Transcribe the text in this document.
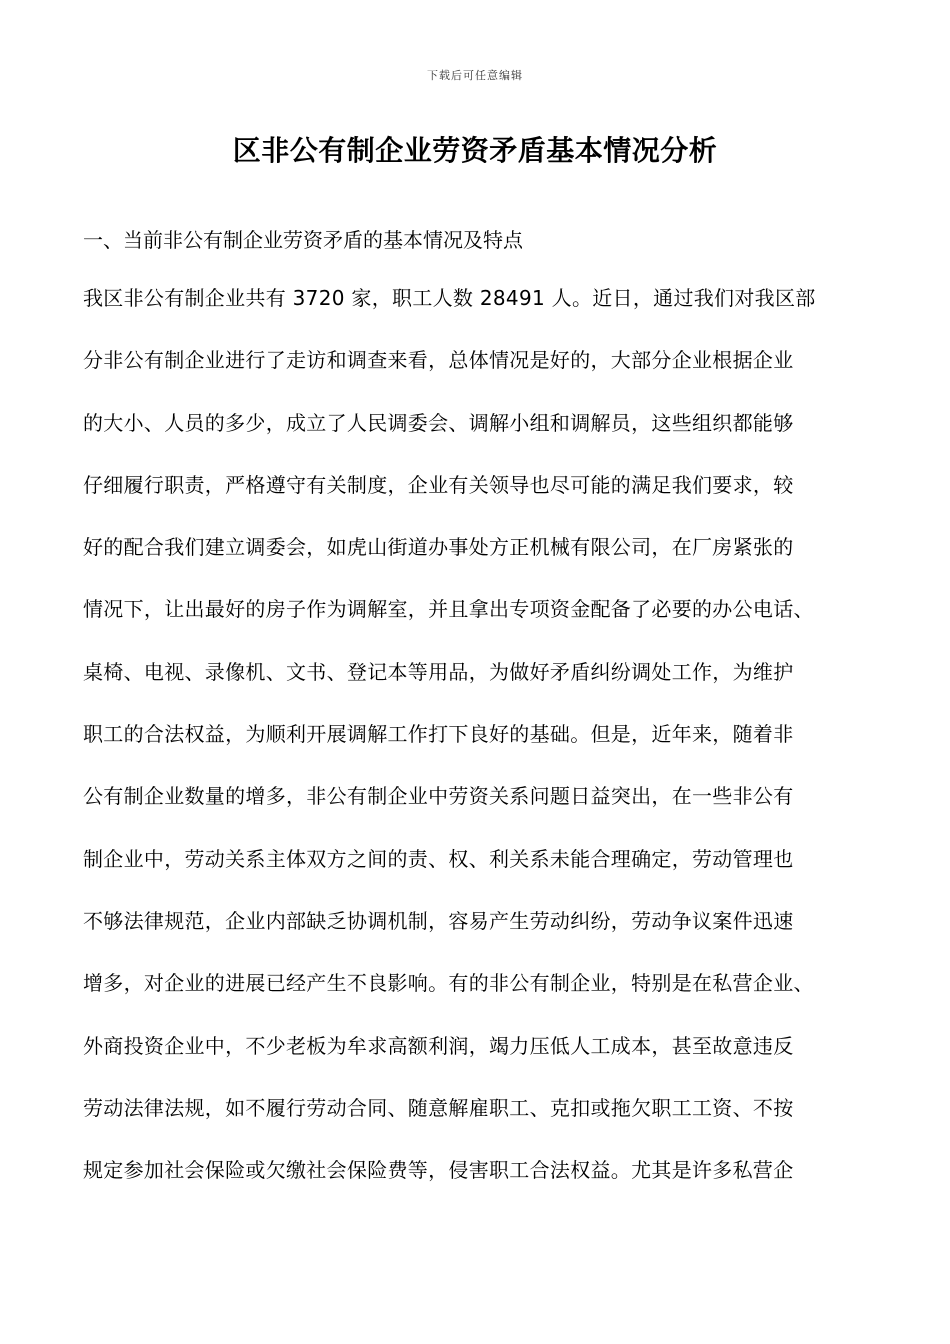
下载后可任意编辑
区非公有制企业劳资矛盾基本情况分析
一、当前非公有制企业劳资矛盾的基本情况及特点
我区非公有制企业共有 3720 家，职工人数 28491 人。近日，通过我们对我区部
分非公有制企业进行了走访和调查来看，总体情况是好的，大部分企业根据企业
的大小、人员的多少，成立了人民调委会、调解小组和调解员，这些组织都能够
仔细履行职责，严格遵守有关制度，企业有关领导也尽可能的满足我们要求，较
好的配合我们建立调委会，如虎山街道办事处方正机械有限公司，在厂房紧张的
情况下，让出最好的房子作为调解室，并且拿出专项资金配备了必要的办公电话、
桌椅、电视、录像机、文书、登记本等用品，为做好矛盾纠纷调处工作，为维护
职工的合法权益，为顺利开展调解工作打下良好的基础。但是，近年来，随着非
公有制企业数量的增多，非公有制企业中劳资关系问题日益突出，在一些非公有
制企业中，劳动关系主体双方之间的责、权、利关系未能合理确定，劳动管理也
不够法律规范，企业内部缺乏协调机制，容易产生劳动纠纷，劳动争议案件迅速
增多，对企业的进展已经产生不良影响。有的非公有制企业，特别是在私营企业、
外商投资企业中，不少老板为牟求高额利润，竭力压低人工成本，甚至故意违反
劳动法律法规，如不履行劳动合同、随意解雇职工、克扣或拖欠职工工资、不按
规定参加社会保险或欠缴社会保险费等，侵害职工合法权益。尤其是许多私营企
